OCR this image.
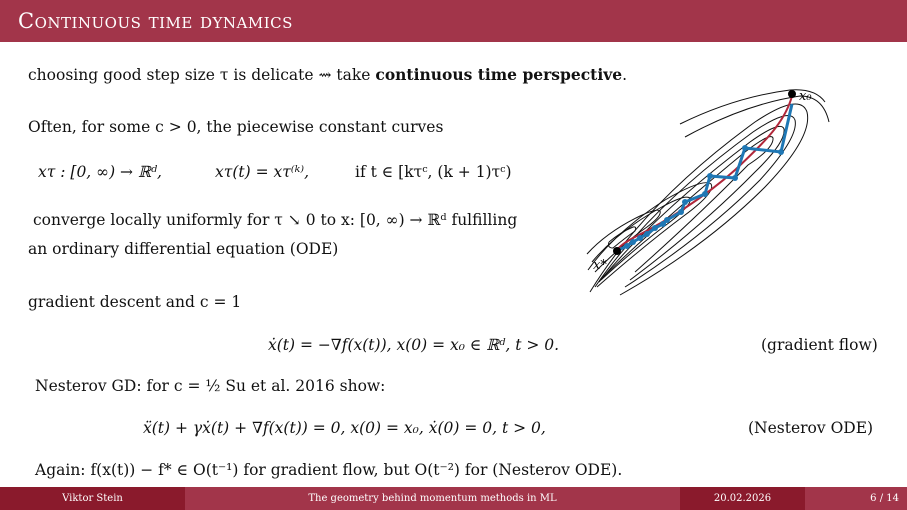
Continuous time dynamics
choosing good step size τ is delicate ⇝ take continuous time perspective.
Often, for some c > 0, the piecewise constant curves
xτ : [0, ∞) → ℝᵈ,	xτ(t) = xτ⁽ᵏ⁾,	if t ∈ [kτᶜ, (k + 1)τᶜ)
converge locally uniformly for τ ↘ 0 to x: [0, ∞) → ℝᵈ fulfilling
an ordinary differential equation (ODE)
gradient descent and c = 1
ẋ(t) = −∇f(x(t)), x(0) = x₀ ∈ ℝᵈ, t > 0.	(gradient flow)
Nesterov GD: for c = ½ Su et al. 2016 show:
ẍ(t) + γẋ(t) + ∇f(x(t)) = 0, x(0) = x₀, ẋ(0) = 0, t > 0,	(Nesterov ODE)
Again: f(x(t)) − f* ∈ O(t⁻¹) for gradient flow, but O(t⁻²) for (Nesterov ODE).
x₀
x*
Viktor Stein	The geometry behind momentum methods in ML	20.02.2026	6 / 14
